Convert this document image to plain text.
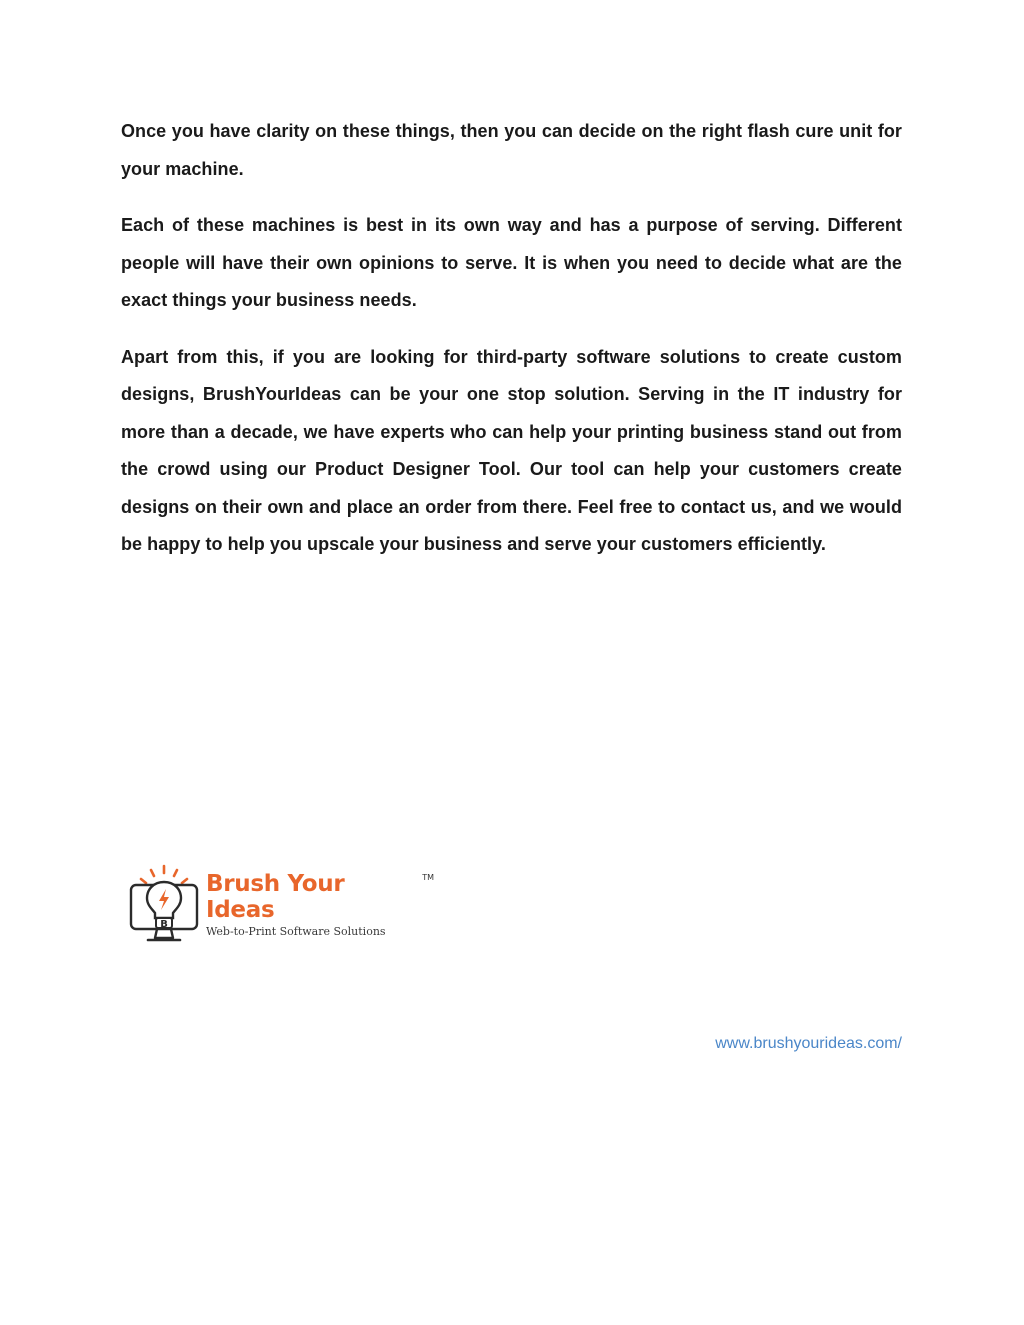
Once you have clarity on these things, then you can decide on the right flash cure unit for your machine.

Each of these machines is best in its own way and has a purpose of serving. Different people will have their own opinions to serve. It is when you need to decide what are the exact things your business needs.

Apart from this, if you are looking for third-party software solutions to create custom designs, BrushYourIdeas can be your one stop solution. Serving in the IT industry for more than a decade, we have experts who can help your printing business stand out from the crowd using our Product Designer Tool. Our tool can help your customers create designs on their own and place an order from there. Feel free to contact us, and we would be happy to help you upscale your business and serve your customers efficiently.

B
Brush Your Ideas
TM
Web-to-Print Software Solutions
www.brushyourideas.com/
